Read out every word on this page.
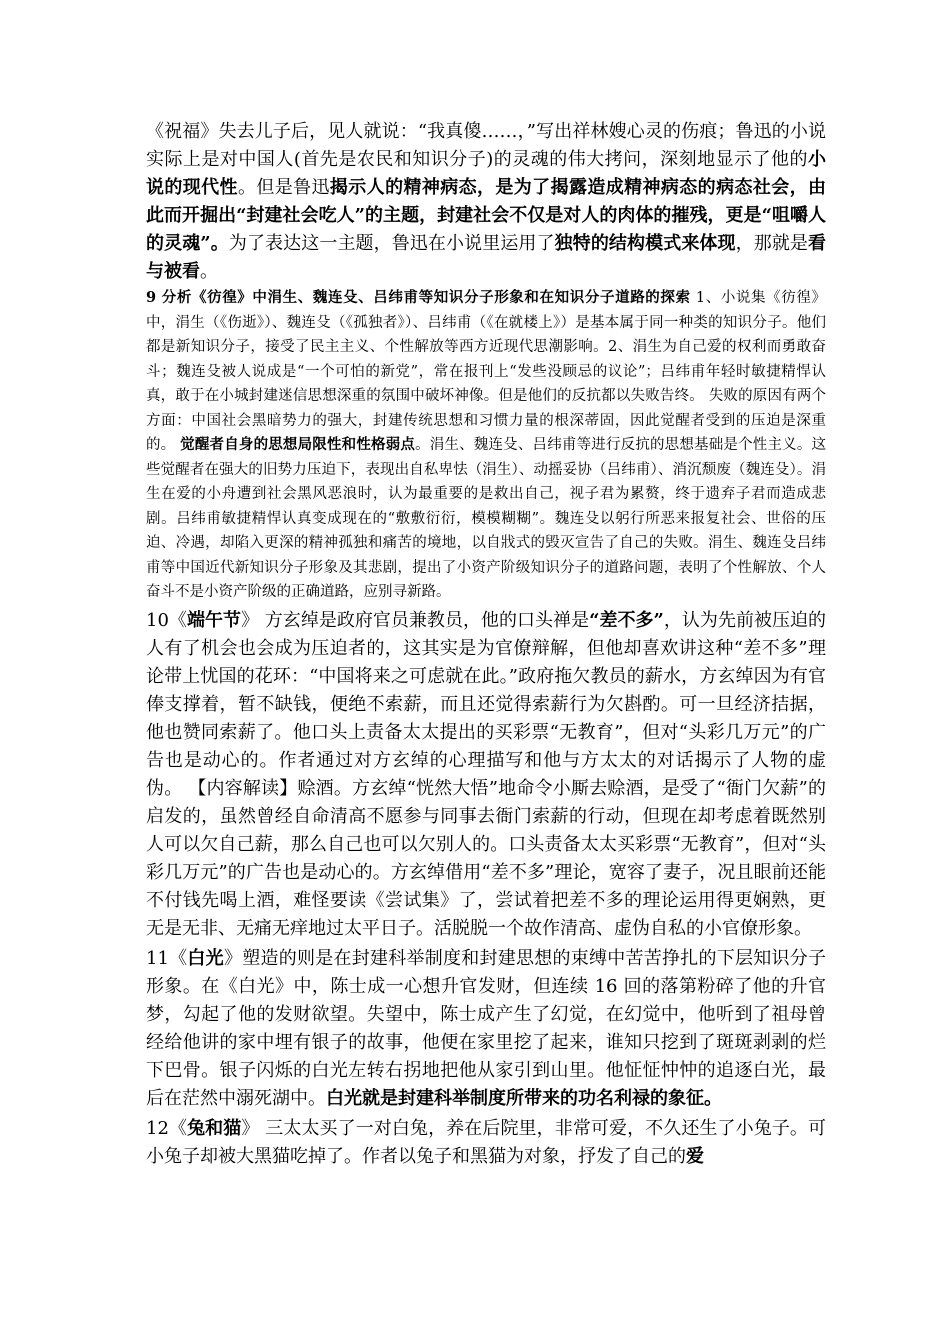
《祝福》失去儿子后，见人就说：“我真傻……，”写出祥林嫂心灵的伤痕；鲁迅的小说实际上是对中国人(首先是农民和知识分子)的灵魂的伟大拷问，深刻地显示了他的小说的现代性。但是鲁迅揭示人的精神病态，是为了揭露造成精神病态的病态社会，由此而开掘出“封建社会吃人”的主题，封建社会不仅是对人的肉体的摧残，更是“咀嚼人的灵魂”。为了表达这一主题，鲁迅在小说里运用了独特的结构模式来体现，那就是看与被看。

9 分析《彷徨》中涓生、魏连殳、吕纬甫等知识分子形象和在知识分子道路的探索 1、小说集《彷徨》中，涓生（《伤逝》）、魏连殳（《孤独者》）、吕纬甫（《在就楼上》）是基本属于同一种类的知识分子。他们都是新知识分子，接受了民主主义、个性解放等西方近现代思潮影响。2、涓生为自己爱的权利而勇敢奋斗；魏连殳被人说成是“一个可怕的新党”，常在报刊上“发些没顾忌的议论”；吕纬甫年轻时敏捷精悍认真，敢于在小城封建迷信思想深重的氛围中破坏神像。但是他们的反抗都以失败告终。 失败的原因有两个方面：中国社会黑暗势力的强大，封建传统思想和习惯力量的根深蒂固，因此觉醒者受到的压迫是深重的。 觉醒者自身的思想局限性和性格弱点。涓生、魏连殳、吕纬甫等进行反抗的思想基础是个性主义。这些觉醒者在强大的旧势力压迫下，表现出自私卑怯（涓生）、动摇妥协（吕纬甫）、消沉颓废（魏连殳）。涓生在爱的小舟遭到社会黑风恶浪时，认为最重要的是救出自己，视子君为累赘，终于遗弃子君而造成悲剧。吕纬甫敏捷精悍认真变成现在的“敷敷衍衍，模模糊糊”。魏连殳以躬行所恶来报复社会、世俗的压迫、冷遇，却陷入更深的精神孤独和痛苦的境地，以自戕式的毁灭宣告了自己的失败。涓生、魏连殳吕纬甫等中国近代新知识分子形象及其悲剧，提出了小资产阶级知识分子的道路问题，表明了个性解放、个人奋斗不是小资产阶级的正确道路，应别寻新路。

10《端午节》 方玄绰是政府官员兼教员，他的口头禅是“差不多”，认为先前被压迫的人有了机会也会成为压迫者的，这其实是为官僚辩解，但他却喜欢讲这种“差不多”理论带上忧国的花环：“中国将来之可虑就在此。”政府拖欠教员的薪水，方玄绰因为有官俸支撑着，暂不缺钱，便绝不索薪，而且还觉得索薪行为欠斟酌。可一旦经济拮据，他也赞同索薪了。他口头上责备太太提出的买彩票“无教育”，但对“头彩几万元”的广告也是动心的。作者通过对方玄绰的心理描写和他与方太太的对话揭示了人物的虚伪。 【内容解读】赊酒。方玄绰“恍然大悟”地命令小厮去赊酒，是受了“衙门欠薪”的启发的，虽然曾经自命清高不愿参与同事去衙门索薪的行动，但现在却考虑着既然别人可以欠自己薪，那么自己也可以欠别人的。口头责备太太买彩票“无教育”，但对“头彩几万元”的广告也是动心的。方玄绰借用“差不多”理论，宽容了妻子，况且眼前还能不付钱先喝上酒，难怪要读《尝试集》了，尝试着把差不多的理论运用得更娴熟，更无是无非、无痛无痒地过太平日子。活脱脱一个故作清高、虚伪自私的小官僚形象。

11《白光》塑造的则是在封建科举制度和封建思想的束缚中苦苦挣扎的下层知识分子形象。在《白光》中，陈士成一心想升官发财，但连续 16 回的落第粉碎了他的升官梦，勾起了他的发财欲望。失望中，陈士成产生了幻觉，在幻觉中，他听到了祖母曾经给他讲的家中埋有银子的故事，他便在家里挖了起来，谁知只挖到了斑斑剥剥的烂下巴骨。银子闪烁的白光左转右拐地把他从家引到山里。他怔怔忡忡的追逐白光，最后在茫然中溺死湖中。白光就是封建科举制度所带来的功名利禄的象征。

12《兔和猫》 三太太买了一对白兔，养在后院里，非常可爱，不久还生了小兔子。可小兔子却被大黑猫吃掉了。作者以兔子和黑猫为对象，抒发了自己的爱
